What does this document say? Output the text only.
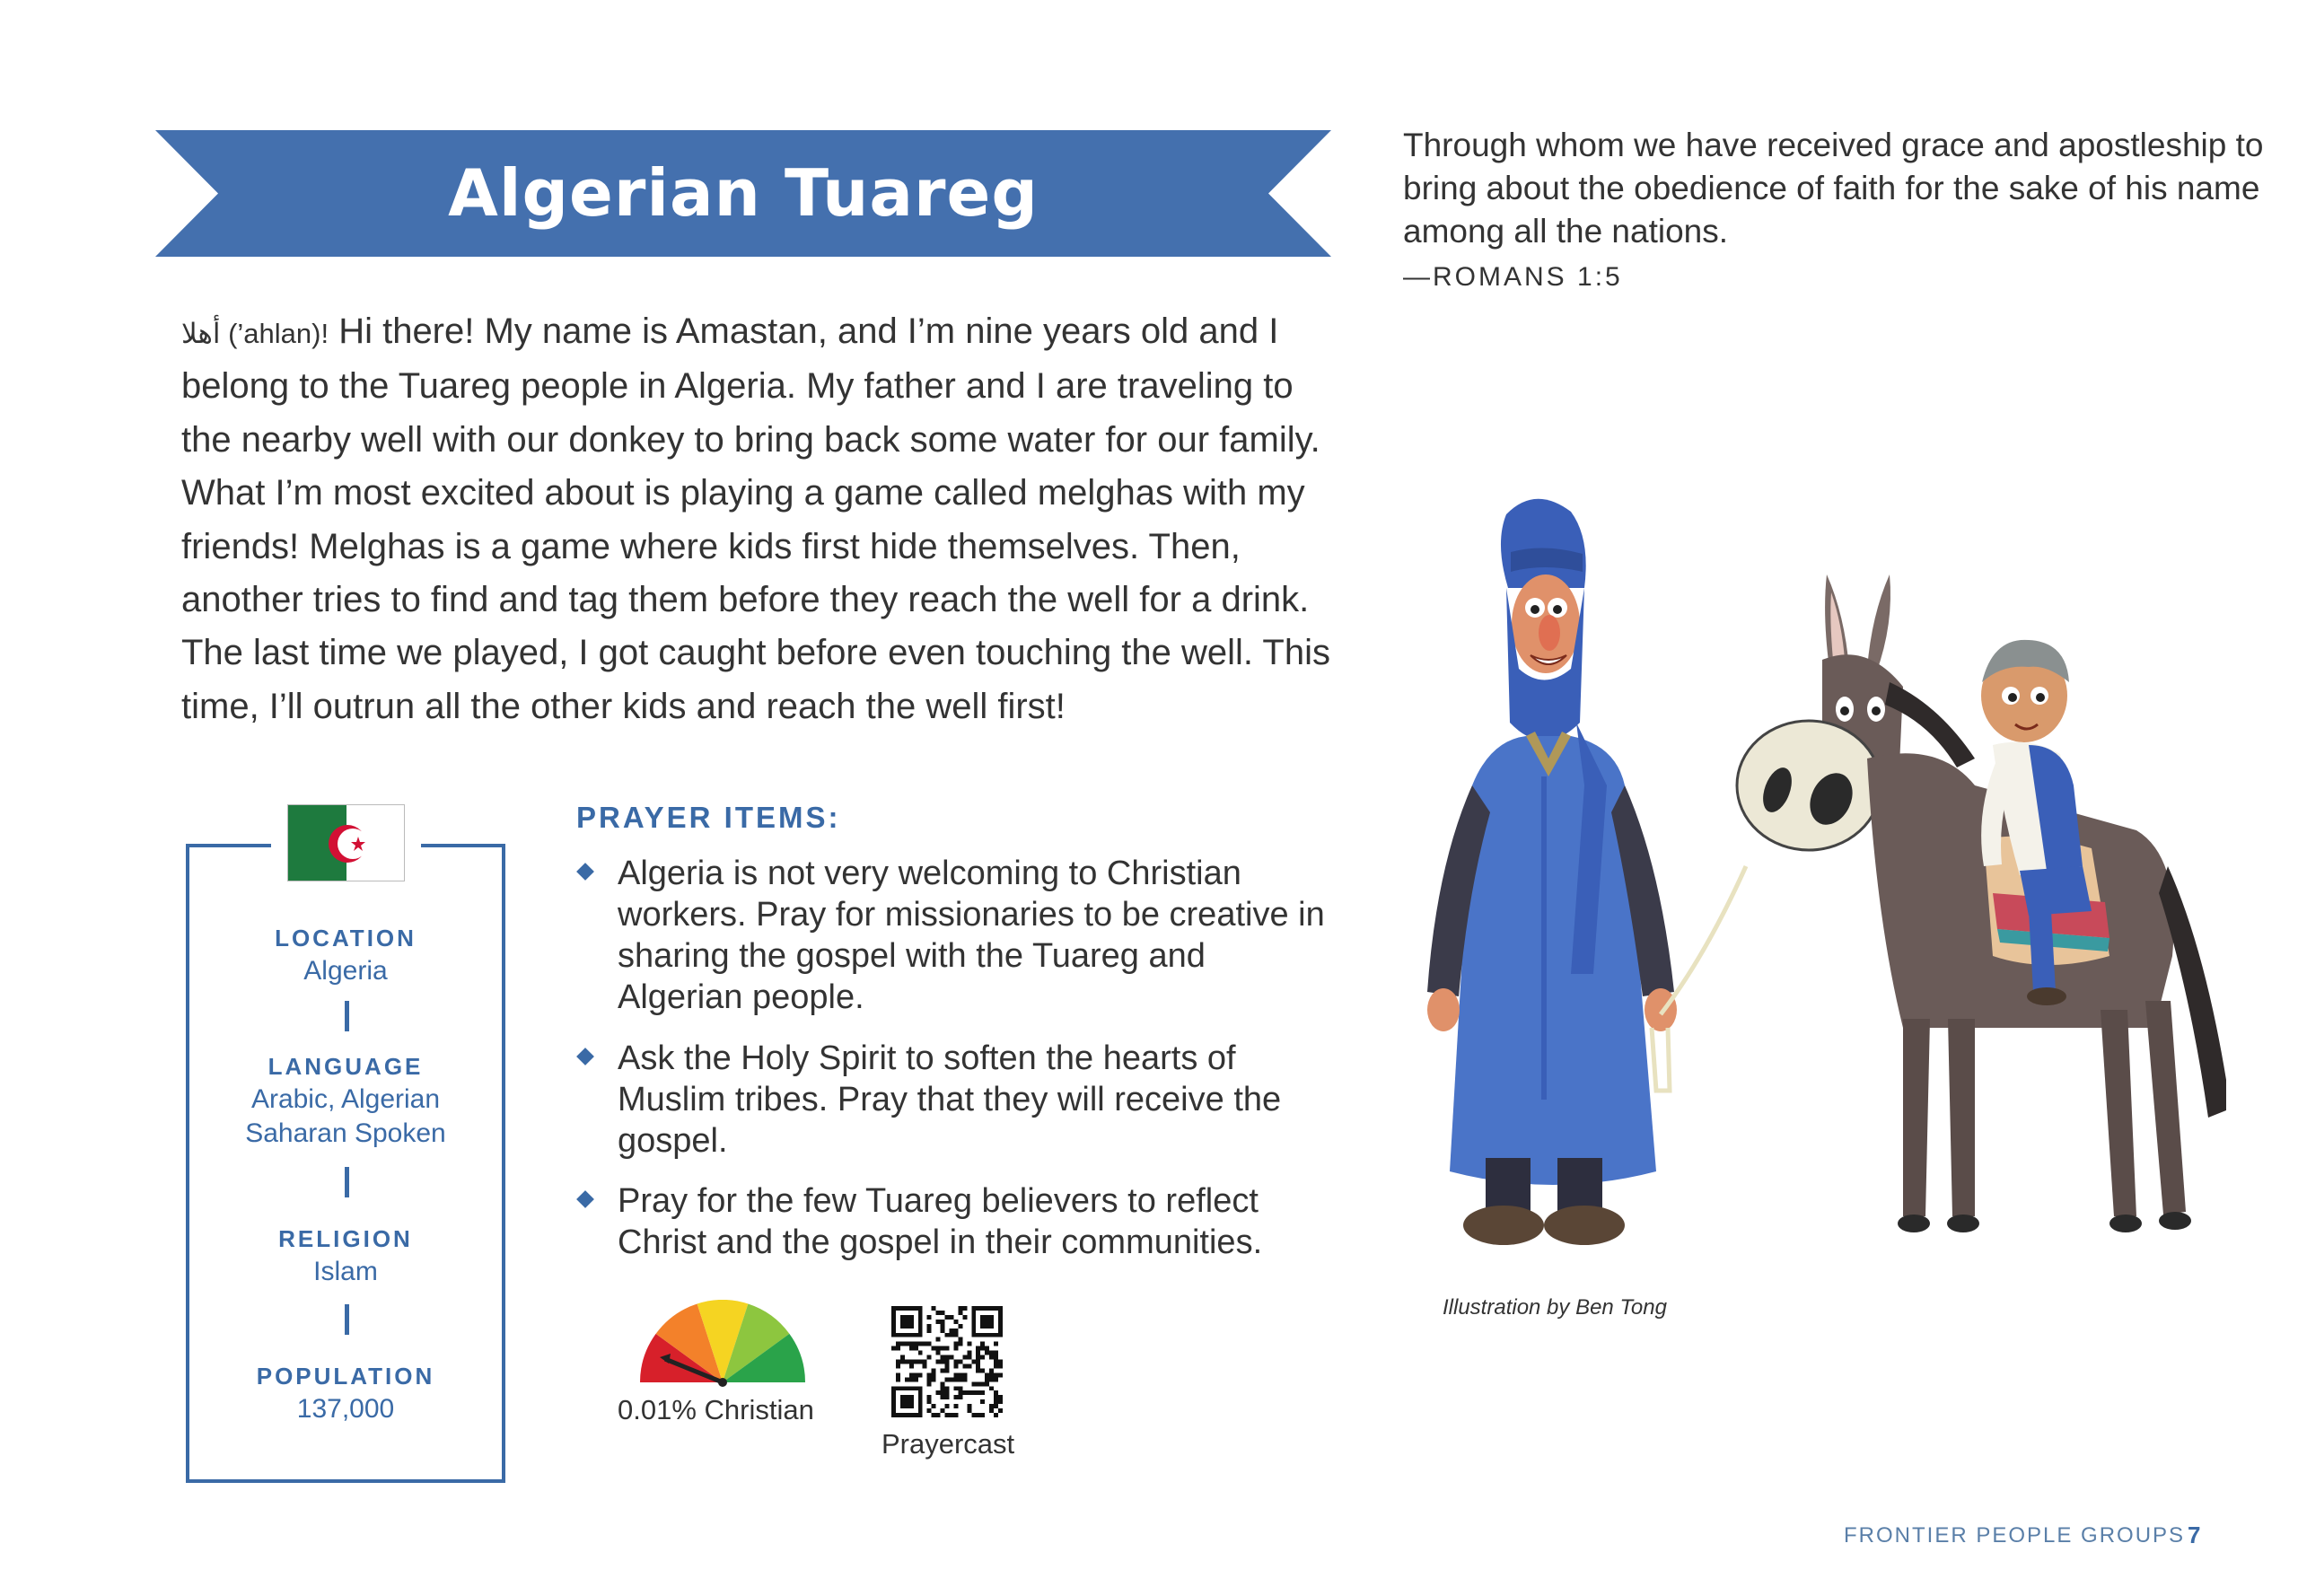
Algerian Tuareg
Through whom we have received grace and apostleship to bring about the obedience of faith for the sake of his name among all the nations.
—ROMANS 1:5
أهلا (’ahlan)! Hi there! My name is Amastan, and I’m nine years old and I belong to the Tuareg people in Algeria. My father and I are traveling to the nearby well with our donkey to bring back some water for our family. What I’m most excited about is playing a game called melghas with my friends! Melghas is a game where kids first hide themselves. Then, another tries to find and tag them before they reach the well for a drink. The last time we played, I got caught before even touching the well. This time, I’ll outrun all the other kids and reach the well first!
LOCATION
Algeria
LANGUAGE
Arabic, Algerian
Saharan Spoken
RELIGION
Islam
POPULATION
137,000
PRAYER ITEMS:
Algeria is not very welcoming to Christian workers. Pray for missionaries to be creative in sharing the gospel with the Tuareg and Algerian people.
Ask the Holy Spirit to soften the hearts of Muslim tribes. Pray that they will receive the gospel.
Pray for the few Tuareg believers to reflect Christ and the gospel in their communities.
0.01% Christian
Prayercast
Illustration by Ben Tong
FRONTIER PEOPLE GROUPS 7
